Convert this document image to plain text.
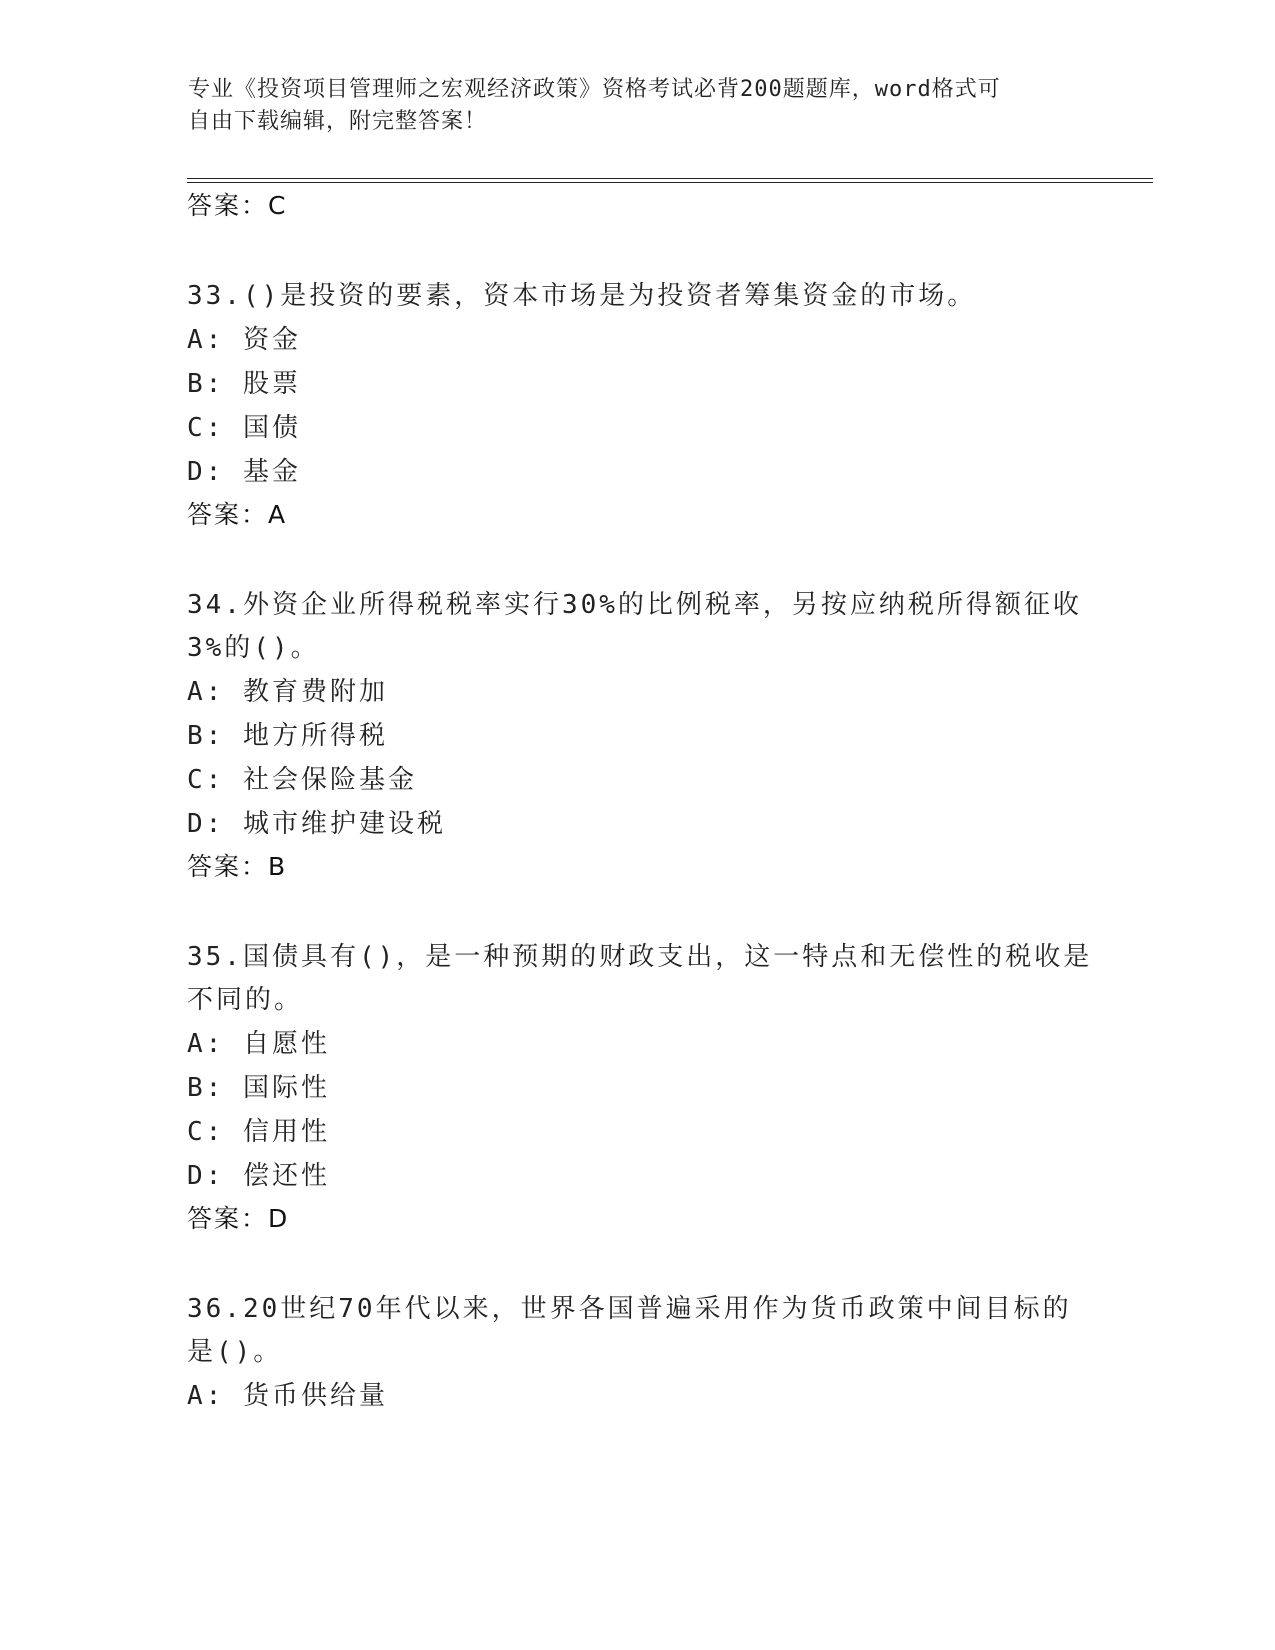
专业《投资项目管理师之宏观经济政策》资格考试必背200题题库，word格式可
自由下载编辑，附完整答案！
答案：C
33.()是投资的要素，资本市场是为投资者筹集资金的市场。
A: 资金
B: 股票
C: 国债
D: 基金
答案：A
34.外资企业所得税税率实行30%的比例税率，另按应纳税所得额征收
3%的()。
A: 教育费附加
B: 地方所得税
C: 社会保险基金
D: 城市维护建设税
答案：B
35.国债具有()，是一种预期的财政支出，这一特点和无偿性的税收是
不同的。
A: 自愿性
B: 国际性
C: 信用性
D: 偿还性
答案：D
36.20世纪70年代以来，世界各国普遍采用作为货币政策中间目标的
是()。
A: 货币供给量
